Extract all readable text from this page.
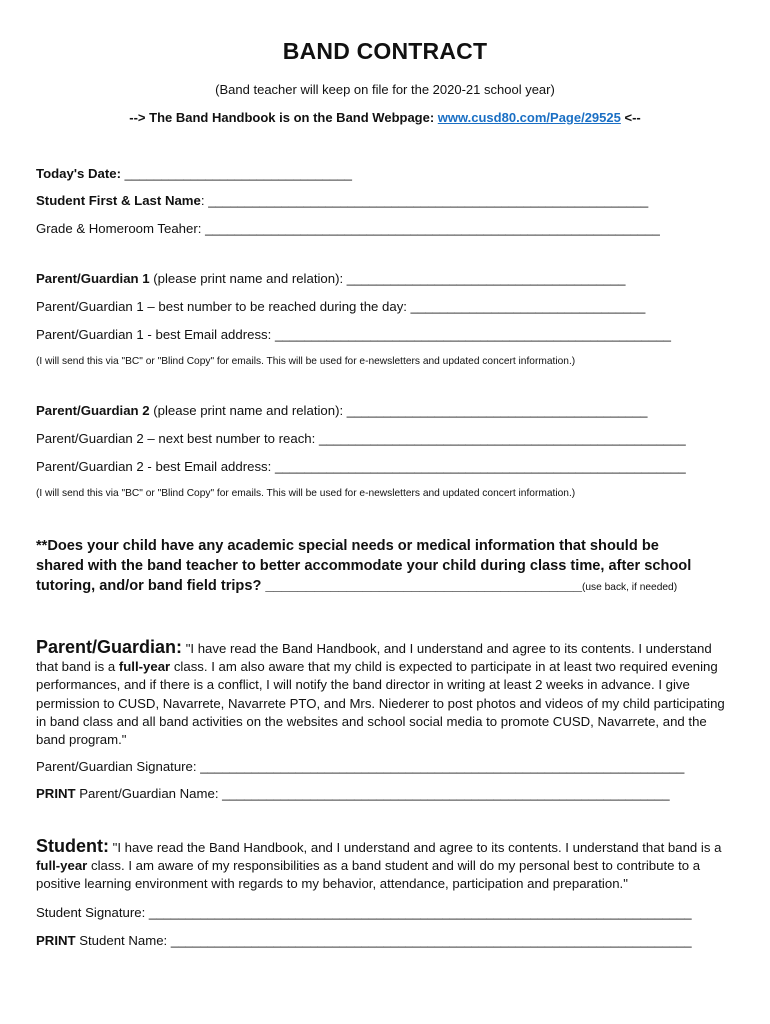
BAND CONTRACT
(Band teacher will keep on file for the 2020-21 school year)
--> The Band Handbook is on the Band Webpage: www.cusd80.com/Page/29525 <--
Today's Date: _______________________________
Student First & Last Name: ____________________________________________________________
Grade & Homeroom Teaher: ______________________________________________________________
Parent/Guardian 1 (please print name and relation): ______________________________________
Parent/Guardian 1 – best number to be reached during the day: ________________________________
Parent/Guardian 1 - best Email address: ______________________________________________________
(I will send this via "BC" or "Blind Copy" for emails. This will be used for e-newsletters and updated concert information.)
Parent/Guardian 2 (please print name and relation): _________________________________________
Parent/Guardian 2 – next best number to reach: __________________________________________________
Parent/Guardian 2 - best Email address: ________________________________________________________
(I will send this via "BC" or "Blind Copy" for emails. This will be used for e-newsletters and updated concert information.)
**Does your child have any academic special needs or medical information that should be
shared with the band teacher to better accommodate your child during class time, after school
tutoring, and/or band field trips? _______________________________________(use back, if needed)
Parent/Guardian: "I have read the Band Handbook, and I understand and agree to its contents. I understand that band is a full-year class. I am also aware that my child is expected to participate in at least two required evening performances, and if there is a conflict, I will notify the band director in writing at least 2 weeks in advance. I give permission to CUSD, Navarrete, Navarrete PTO, and Mrs. Niederer to post photos and videos of my child participating in band class and all band activities on the websites and school social media to promote CUSD, Navarrete, and the band program."
Parent/Guardian Signature: __________________________________________________________________
PRINT Parent/Guardian Name: _____________________________________________________________
Student: "I have read the Band Handbook, and I understand and agree to its contents. I understand that band is a full-year class. I am aware of my responsibilities as a band student and will do my personal best to contribute to a positive learning environment with regards to my behavior, attendance, participation and preparation."
Student Signature: __________________________________________________________________________
PRINT Student Name: _______________________________________________________________________
